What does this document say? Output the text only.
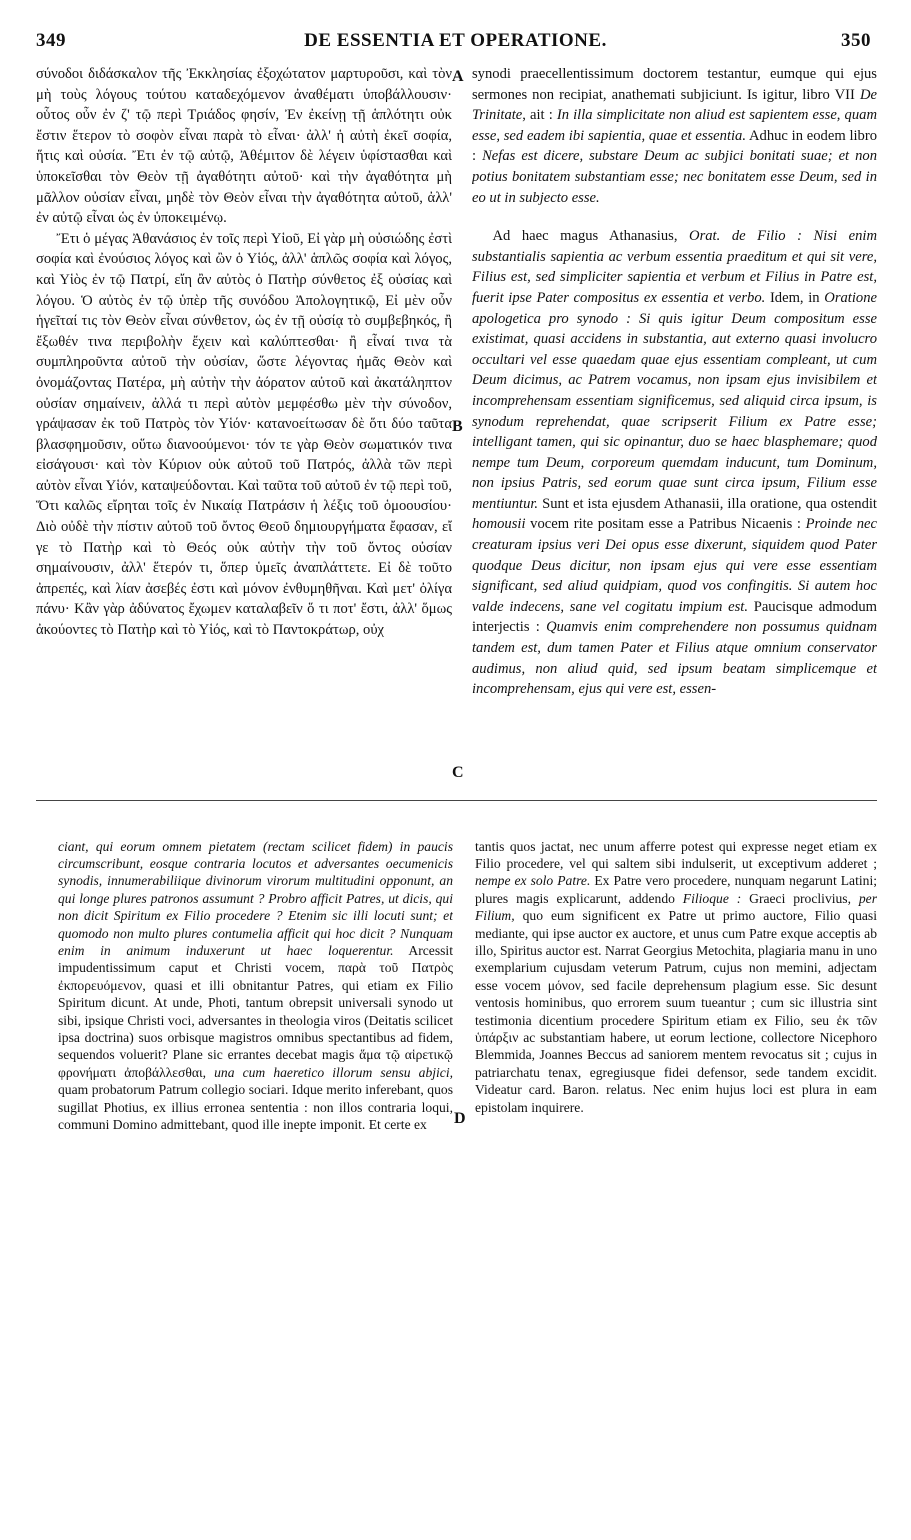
349	DE ESSENTIA ET OPERATIONE.	350
A
B
C
D

σύνοδοι διδάσκαλον τῆς Ἐκκλησίας ἐξοχώτατον μαρτυροῦσι, καὶ τὸν μὴ τοὺς λόγους τούτου καταδεχόμενον ἀναθέματι ὑποβάλλουσιν· οὗτος οὖν ἐν ζ' τῷ περὶ Τριάδος φησίν, Ἐν ἐκείνῃ τῇ ἁπλότητι οὐκ ἔστιν ἕτερον τὸ σοφὸν εἶναι παρὰ τὸ εἶναι· ἀλλ' ἡ αὐτὴ ἐκεῖ σοφία, ἥτις καὶ οὐσία. Ἔτι ἐν τῷ αὐτῷ, Ἀθέμιτον δὲ λέγειν ὑφίστασθαι καὶ ὑποκεῖσθαι τὸν Θεὸν τῇ ἀγαθότητι αὐτοῦ· καὶ τὴν ἀγαθότητα μὴ μᾶλλον οὐσίαν εἶναι, μηδὲ τὸν Θεὸν εἶναι τὴν ἀγαθότητα αὐτοῦ, ἀλλ' ἐν αὐτῷ εἶναι ὡς ἐν ὑποκειμένῳ.

Ἔτι ὁ μέγας Ἀθανάσιος ἐν τοῖς περὶ Υἱοῦ, Εἰ γὰρ μὴ οὐσιώδης ἐστὶ σοφία καὶ ἐνούσιος λόγος καὶ ὢν ὁ Υἱός, ἀλλ' ἁπλῶς σοφία καὶ λόγος, καὶ Υἱὸς ἐν τῷ Πατρί, εἴη ἂν αὐτὸς ὁ Πατὴρ σύνθετος ἐξ οὐσίας καὶ λόγου. Ὁ αὐτὸς ἐν τῷ ὑπὲρ τῆς συνόδου Ἀπολογητικῷ, Εἰ μὲν οὖν ἡγεῖταί τις τὸν Θεὸν εἶναι σύνθετον, ὡς ἐν τῇ οὐσίᾳ τὸ συμβεβηκός, ἢ ἔξωθέν τινα περιβολὴν ἔχειν καὶ καλύπτεσθαι· ἢ εἶναί τινα τὰ συμπληροῦντα αὐτοῦ τὴν οὐσίαν, ὥστε λέγοντας ἡμᾶς Θεὸν καὶ ὀνομάζοντας Πατέρα, μὴ αὐτὴν τὴν ἀόρατον αὐτοῦ καὶ ἀκατάληπτον οὐσίαν σημαίνειν, ἀλλά τι περὶ αὐτὸν μεμφέσθω μὲν τὴν σύνοδον, γράψασαν ἐκ τοῦ Πατρὸς τὸν Υἱόν· κατανοείτωσαν δὲ ὅτι δύο ταῦτα βλασφημοῦσιν, οὕτω διανοούμενοι· τόν τε γὰρ Θεὸν σωματικόν τινα εἰσάγουσι· καὶ τὸν Κύριον οὐκ αὐτοῦ τοῦ Πατρός, ἀλλὰ τῶν περὶ αὐτὸν εἶναι Υἱόν, καταψεύδονται. Καὶ ταῦτα τοῦ αὐτοῦ ἐν τῷ περὶ τοῦ, Ὅτι καλῶς εἴρηται τοῖς ἐν Νικαίᾳ Πατράσιν ἡ λέξις τοῦ ὁμοουσίου· Διὸ οὐδὲ τὴν πίστιν αὐτοῦ τοῦ ὄντος Θεοῦ δημιουργήματα ἔφασαν, εἴ γε τὸ Πατὴρ καὶ τὸ Θεός οὐκ αὐτὴν τὴν τοῦ ὄντος οὐσίαν σημαίνουσιν, ἀλλ' ἕτερόν τι, ὅπερ ὑμεῖς ἀναπλάττετε. Εἰ δὲ τοῦτο ἀπρεπές, καὶ λίαν ἀσεβές ἐστι καὶ μόνον ἐνθυμηθῆναι. Καὶ μετ' ὀλίγα πάνυ· Κἂν γὰρ ἀδύνατος ἔχωμεν καταλαβεῖν ὅ τι ποτ' ἔστι, ἀλλ' ὅμως ἀκούοντες τὸ Πατὴρ καὶ τὸ Υἱός, καὶ τὸ Παντοκράτωρ, οὐχ

synodi praecellentissimum doctorem testantur, eumque qui ejus sermones non recipiat, anathemati subjiciunt. Is igitur, libro VII De Trinitate, ait : In illa simplicitate non aliud est sapientem esse, quam esse, sed eadem ibi sapientia, quae et essentia. Adhuc in eodem libro : Nefas est dicere, substare Deum ac subjici bonitati suae; et non potius bonitatem substantiam esse; nec bonitatem esse Deum, sed in eo ut in subjecto esse.

Ad haec magus Athanasius, Orat. de Filio : Nisi enim substantialis sapientia ac verbum essentia praeditum et qui sit vere, Filius est, sed simpliciter sapientia et verbum et Filius in Patre est, fuerit ipse Pater compositus ex essentia et verbo. Idem, in Oratione apologetica pro synodo : Si quis igitur Deum compositum esse existimat, quasi accidens in substantia, aut externo quasi involucro occultari vel esse quaedam quae ejus essentiam compleant, ut cum Deum dicimus, ac Patrem vocamus, non ipsam ejus invisibilem et incomprehensam essentiam significemus, sed aliquid circa ipsum, is synodum reprehendat, quae scripserit Filium ex Patre esse; intelligant tamen, qui sic opinantur, duo se haec blasphemare; quod nempe tum Deum, corporeum quemdam inducunt, tum Dominum, non ipsius Patris, sed eorum quae sunt circa ipsum, Filium esse mentiuntur. Sunt et ista ejusdem Athanasii, illa oratione, qua ostendit homousii vocem rite positam esse a Patribus Nicaenis : Proinde nec creaturam ipsius veri Dei opus esse dixerunt, siquidem quod Pater quodque Deus dicitur, non ipsam ejus qui vere esse essentiam significant, sed aliud quidpiam, quod vos confingitis. Si autem hoc valde indecens, sane vel cogitatu impium est. Paucisque admodum interjectis : Quamvis enim comprehendere non possumus quidnam tandem est, dum tamen Pater et Filius atque omnium conservator audimus, non aliud quid, sed ipsum beatam simplicemque et incomprehensam, ejus qui vere est, essen-

ciant, qui eorum omnem pietatem (rectam scilicet fidem) in paucis circumscribunt, eosque contraria locutos et adversantes oecumenicis synodis, innumerabiliique divinorum virorum multitudini opponunt, an qui longe plures patronos assumunt ? Probro afficit Patres, ut dicis, qui non dicit Spiritum ex Filio procedere ? Etenim sic illi locuti sunt; et quomodo non multo plures contumelia afficit qui hoc dicit ? Nunquam enim in animum induxerunt ut haec loquerentur. Arcessit impudentissimum caput et Christi vocem, παρὰ τοῦ Πατρὸς ἐκπορευόμενον, quasi et illi obnitantur Patres, qui etiam ex Filio Spiritum dicunt. At unde, Photi, tantum obrepsit universali synodo ut sibi, ipsique Christi voci, adversantes in theologia viros (Deitatis scilicet ipsa doctrina) suos orbisque magistros omnibus spectantibus ad fidem, sequendos voluerit? Plane sic errantes decebat magis ἅμα τῷ αἱρετικῷ φρονήματι ἀποβάλλεσθαι, una cum haeretico illorum sensu abjici, quam probatorum Patrum collegio sociari. Idque merito inferebant, quos sugillat Photius, ex illius erronea sententia : non illos contraria loqui, communi Domino admittebant, quod ille inepte imponit. Et certe ex

tantis quos jactat, nec unum afferre potest qui expresse neget etiam ex Filio procedere, vel qui saltem sibi indulserit, ut exceptivum adderet ; nempe ex solo Patre. Ex Patre vero procedere, nunquam negarunt Latini; plures magis explicarunt, addendo Filioque : Graeci proclivius, per Filium, quo eum significent ex Patre ut primo auctore, Filio quasi mediante, qui ipse auctor ex auctore, et unus cum Patre exque acceptis ab illo, Spiritus auctor est. Narrat Georgius Metochita, plagiaria manu in uno exemplarium cujusdam veterum Patrum, cujus non memini, adjectam esse vocem μόνον, sed facile deprehensum plagium esse. Sic desunt ventosis hominibus, quo errorem suum tueantur ; cum sic illustria sint testimonia dicentium procedere Spiritum etiam ex Filio, seu ἐκ τῶν ὑπάρξιν ac substantiam habere, ut eorum lectione, collectore Nicephoro Blemmida, Joannes Beccus ad saniorem mentem revocatus sit ; cujus in patriarchatu tenax, egregiusque fidei defensor, sede tandem excidit. Videatur card. Baron. relatus. Nec enim hujus loci est plura in eam epistolam inquirere.
